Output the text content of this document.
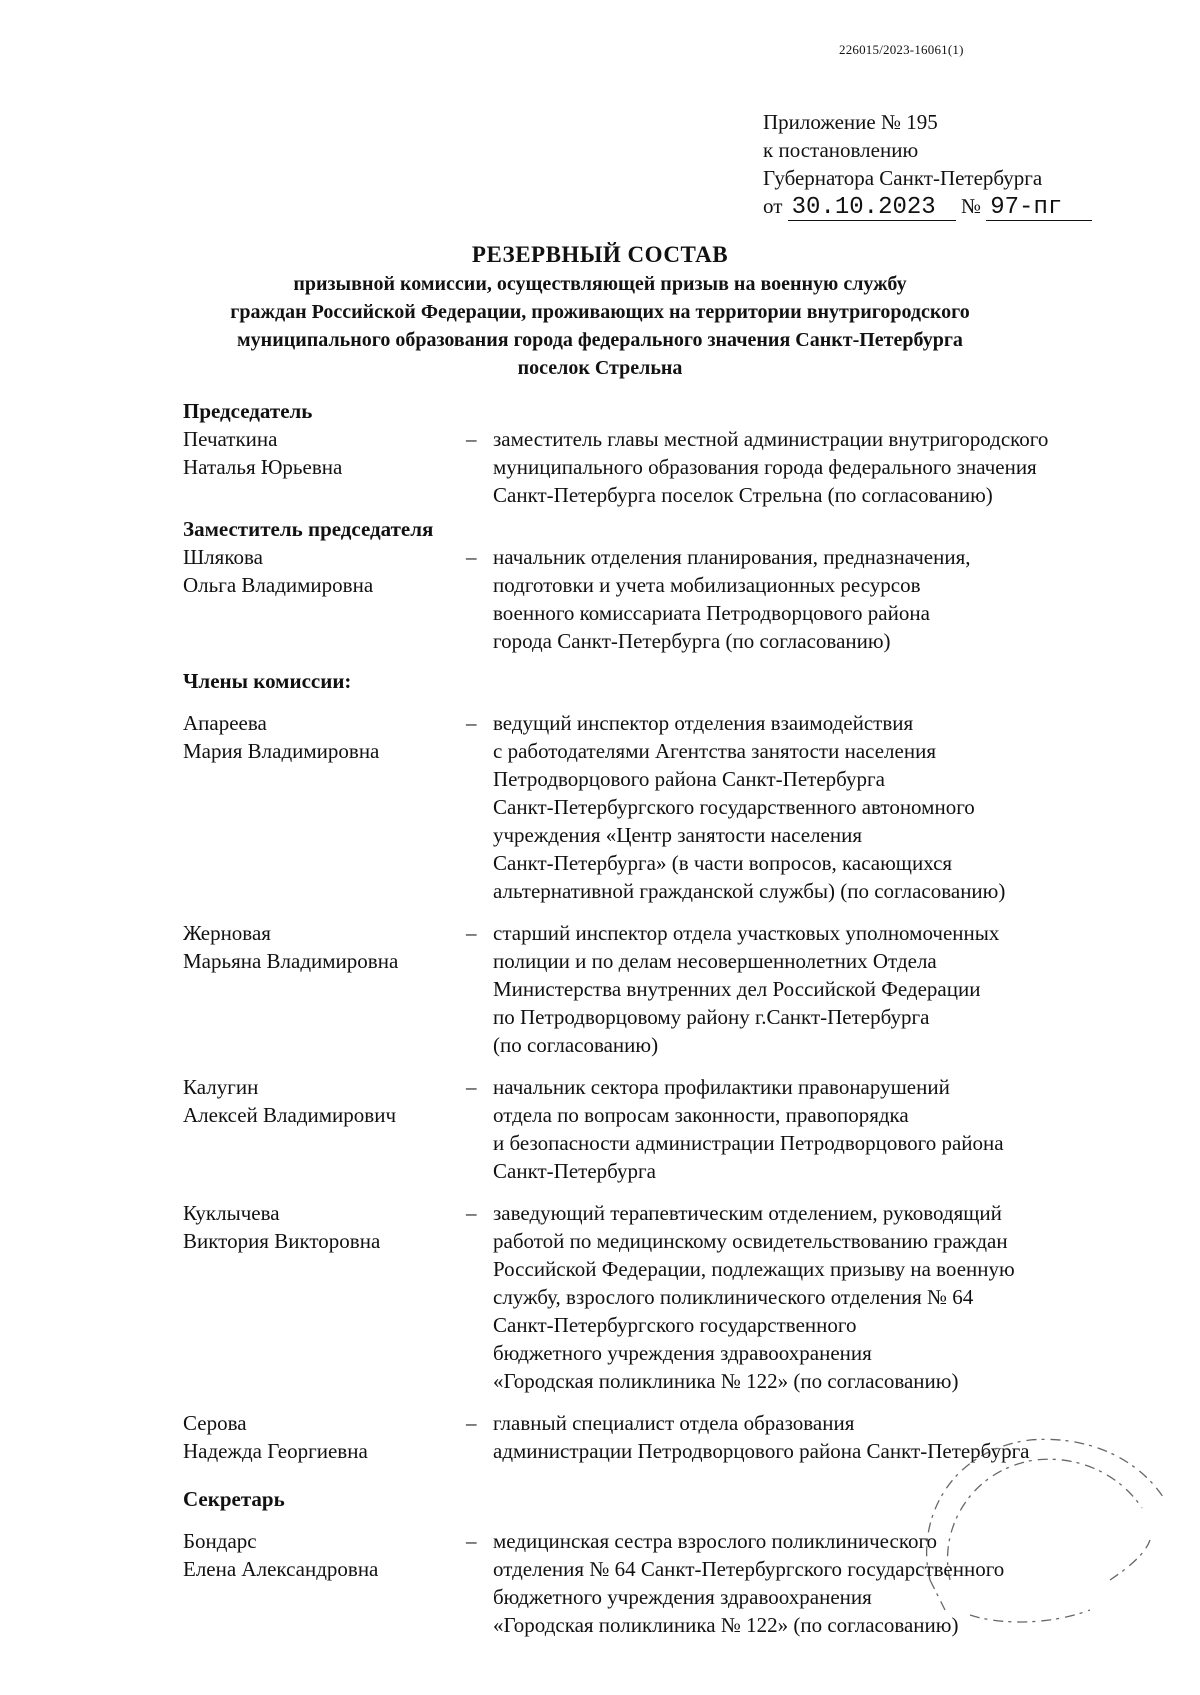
226015/2023-16061(1)
Приложение № 195
к постановлению
Губернатора Санкт-Петербурга
от 30.10.2023 № 97-пг
РЕЗЕРВНЫЙ СОСТАВ
призывной комиссии, осуществляющей призыв на военную службу
граждан Российской Федерации, проживающих на территории внутригородского
муниципального образования города федерального значения Санкт-Петербурга
поселок Стрельна
Председатель
Печаткина
Наталья Юрьевна
– заместитель главы местной администрации внутригородского
муниципального образования города федерального значения
Санкт-Петербурга поселок Стрельна (по согласованию)
Заместитель председателя
Шлякова
Ольга Владимировна
– начальник отделения планирования, предназначения,
подготовки и учета мобилизационных ресурсов
военного комиссариата Петродворцового района
города Санкт-Петербурга (по согласованию)
Члены комиссии:
Апареева
Мария Владимировна
– ведущий инспектор отделения взаимодействия
с работодателями Агентства занятости населения
Петродворцового района Санкт-Петербурга
Санкт-Петербургского государственного автономного
учреждения «Центр занятости населения
Санкт-Петербурга» (в части вопросов, касающихся
альтернативной гражданской службы) (по согласованию)
Жерновая
Марьяна Владимировна
– старший инспектор отдела участковых уполномоченных
полиции и по делам несовершеннолетних Отдела
Министерства внутренних дел Российской Федерации
по Петродворцовому району г.Санкт-Петербурга
(по согласованию)
Калугин
Алексей Владимирович
– начальник сектора профилактики правонарушений
отдела по вопросам законности, правопорядка
и безопасности администрации Петродворцового района
Санкт-Петербурга
Куклычева
Виктория Викторовна
– заведующий терапевтическим отделением, руководящий
работой по медицинскому освидетельствованию граждан
Российской Федерации, подлежащих призыву на военную
службу, взрослого поликлинического отделения № 64
Санкт-Петербургского государственного
бюджетного учреждения здравоохранения
«Городская поликлиника № 122» (по согласованию)
Серова
Надежда Георгиевна
– главный специалист отдела образования
администрации Петродворцового района Санкт-Петербурга
Секретарь
Бондарс
Елена Александровна
– медицинская сестра взрослого поликлинического
отделения № 64 Санкт-Петербургского государственного
бюджетного учреждения здравоохранения
«Городская поликлиника № 122» (по согласованию)
